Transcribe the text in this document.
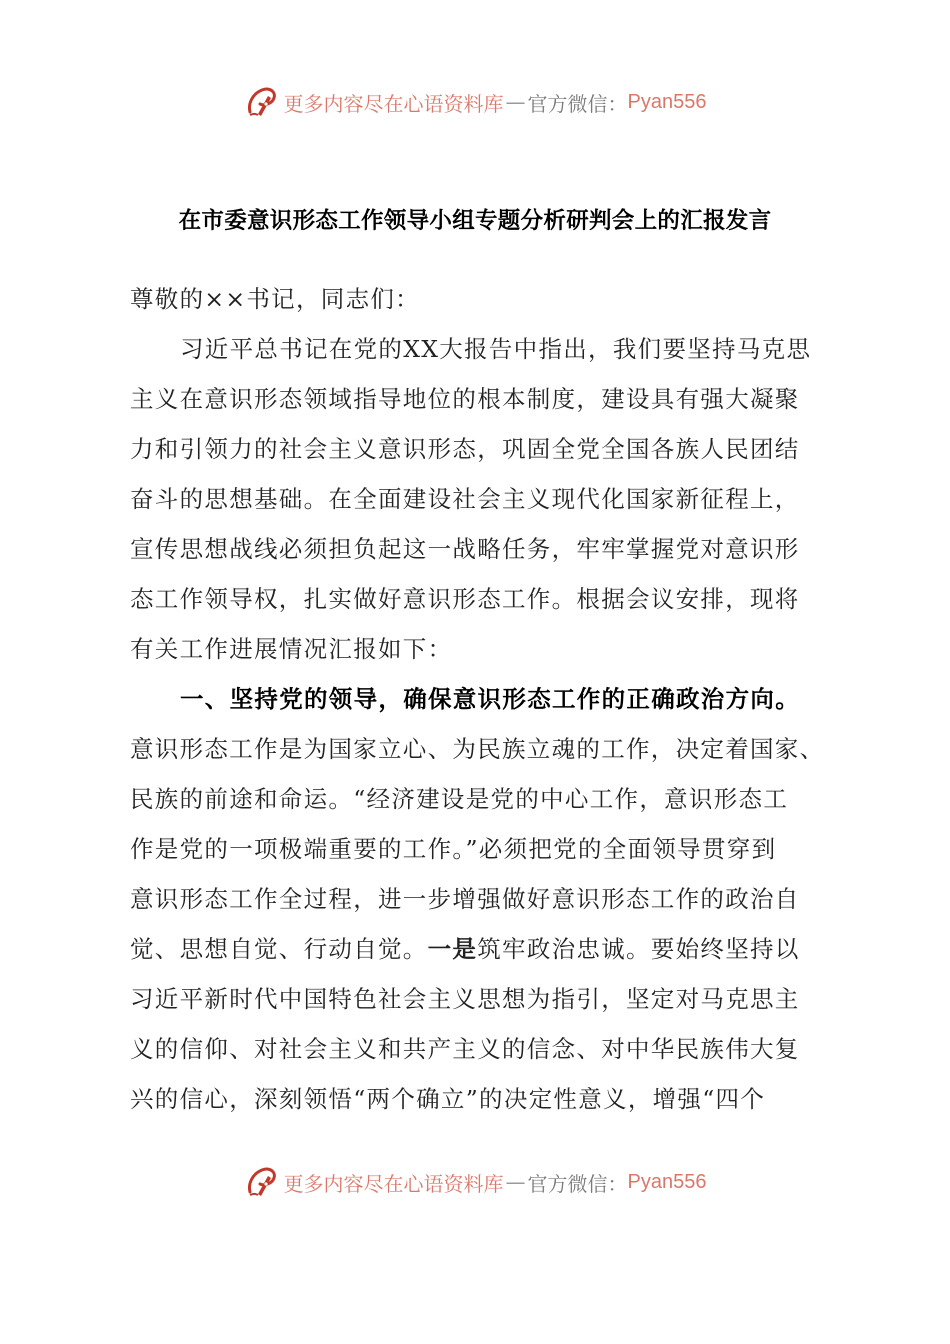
更多内容尽在心语资料库 — 官方微信： Pyan556
在市委意识形态工作领导小组专题分析研判会上的汇报发言
尊敬的××书记，同志们：
习近平总书记在党的XX大报告中指出，我们要坚持马克思
主义在意识形态领域指导地位的根本制度，建设具有强大凝聚
力和引领力的社会主义意识形态，巩固全党全国各族人民团结
奋斗的思想基础。在全面建设社会主义现代化国家新征程上，
宣传思想战线必须担负起这一战略任务，牢牢掌握党对意识形
态工作领导权，扎实做好意识形态工作。根据会议安排，现将
有关工作进展情况汇报如下：
一、坚持党的领导，确保意识形态工作的正确政治方向。
意识形态工作是为国家立心、为民族立魂的工作，决定着国家、
民族的前途和命运。“经济建设是党的中心工作，意识形态工
作是党的一项极端重要的工作。”必须把党的全面领导贯穿到
意识形态工作全过程，进一步增强做好意识形态工作的政治自
觉、思想自觉、行动自觉。一是筑牢政治忠诚。要始终坚持以
习近平新时代中国特色社会主义思想为指引，坚定对马克思主
义的信仰、对社会主义和共产主义的信念、对中华民族伟大复
兴的信心，深刻领悟“两个确立”的决定性意义，增强“四个
更多内容尽在心语资料库 — 官方微信： Pyan556
